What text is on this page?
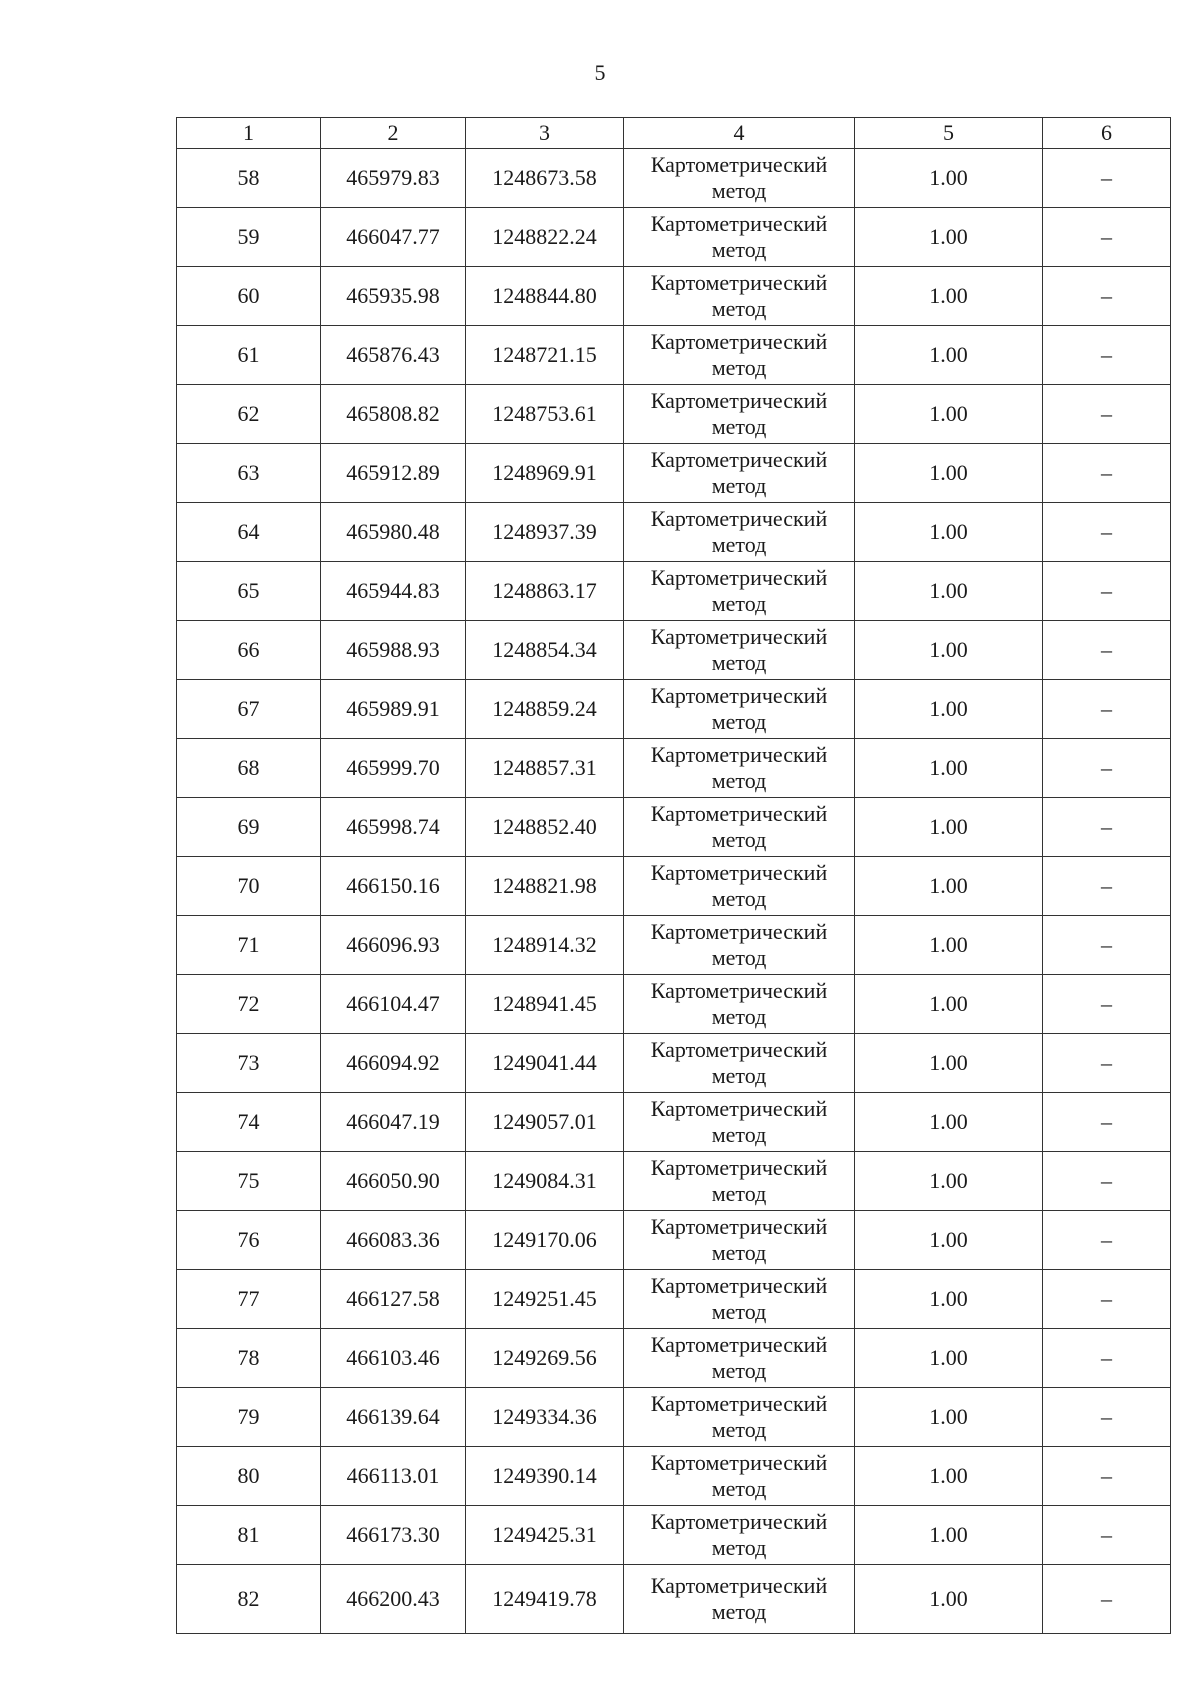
5
1	2	3	4	5	6
58	465979.83	1248673.58	Картометрический
метод	1.00	–
59	466047.77	1248822.24	Картометрический
метод	1.00	–
60	465935.98	1248844.80	Картометрический
метод	1.00	–
61	465876.43	1248721.15	Картометрический
метод	1.00	–
62	465808.82	1248753.61	Картометрический
метод	1.00	–
63	465912.89	1248969.91	Картометрический
метод	1.00	–
64	465980.48	1248937.39	Картометрический
метод	1.00	–
65	465944.83	1248863.17	Картометрический
метод	1.00	–
66	465988.93	1248854.34	Картометрический
метод	1.00	–
67	465989.91	1248859.24	Картометрический
метод	1.00	–
68	465999.70	1248857.31	Картометрический
метод	1.00	–
69	465998.74	1248852.40	Картометрический
метод	1.00	–
70	466150.16	1248821.98	Картометрический
метод	1.00	–
71	466096.93	1248914.32	Картометрический
метод	1.00	–
72	466104.47	1248941.45	Картометрический
метод	1.00	–
73	466094.92	1249041.44	Картометрический
метод	1.00	–
74	466047.19	1249057.01	Картометрический
метод	1.00	–
75	466050.90	1249084.31	Картометрический
метод	1.00	–
76	466083.36	1249170.06	Картометрический
метод	1.00	–
77	466127.58	1249251.45	Картометрический
метод	1.00	–
78	466103.46	1249269.56	Картометрический
метод	1.00	–
79	466139.64	1249334.36	Картометрический
метод	1.00	–
80	466113.01	1249390.14	Картометрический
метод	1.00	–
81	466173.30	1249425.31	Картометрический
метод	1.00	–
82	466200.43	1249419.78	Картометрический
метод	1.00	–
